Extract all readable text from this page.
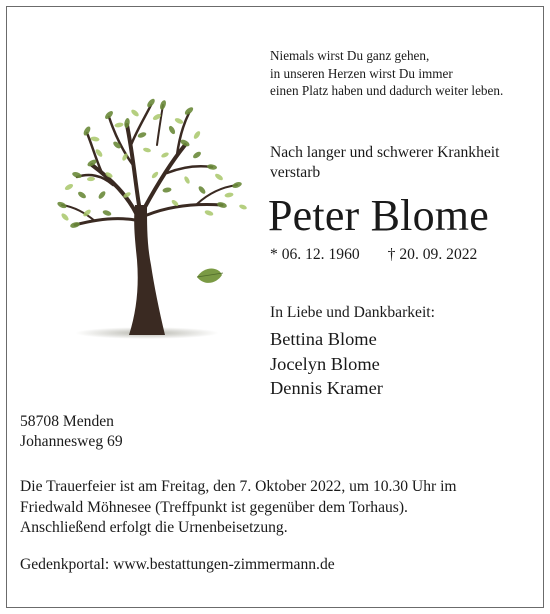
Niemals wirst Du ganz gehen,
in unseren Herzen wirst Du immer
einen Platz haben und dadurch weiter leben.
Nach langer und schwerer Krankheit
verstarb
Peter Blome
* 06. 12. 1960 † 20. 09. 2022
In Liebe und Dankbarkeit:
Bettina Blome
Jocelyn Blome
Dennis Kramer
58708 Menden
Johannesweg 69
Die Trauerfeier ist am Freitag, den 7. Oktober 2022, um 10.30 Uhr im
Friedwald Möhnesee (Treffpunkt ist gegenüber dem Torhaus).
Anschließend erfolgt die Urnenbeisetzung.
Gedenkportal: www.bestattungen-zimmermann.de
